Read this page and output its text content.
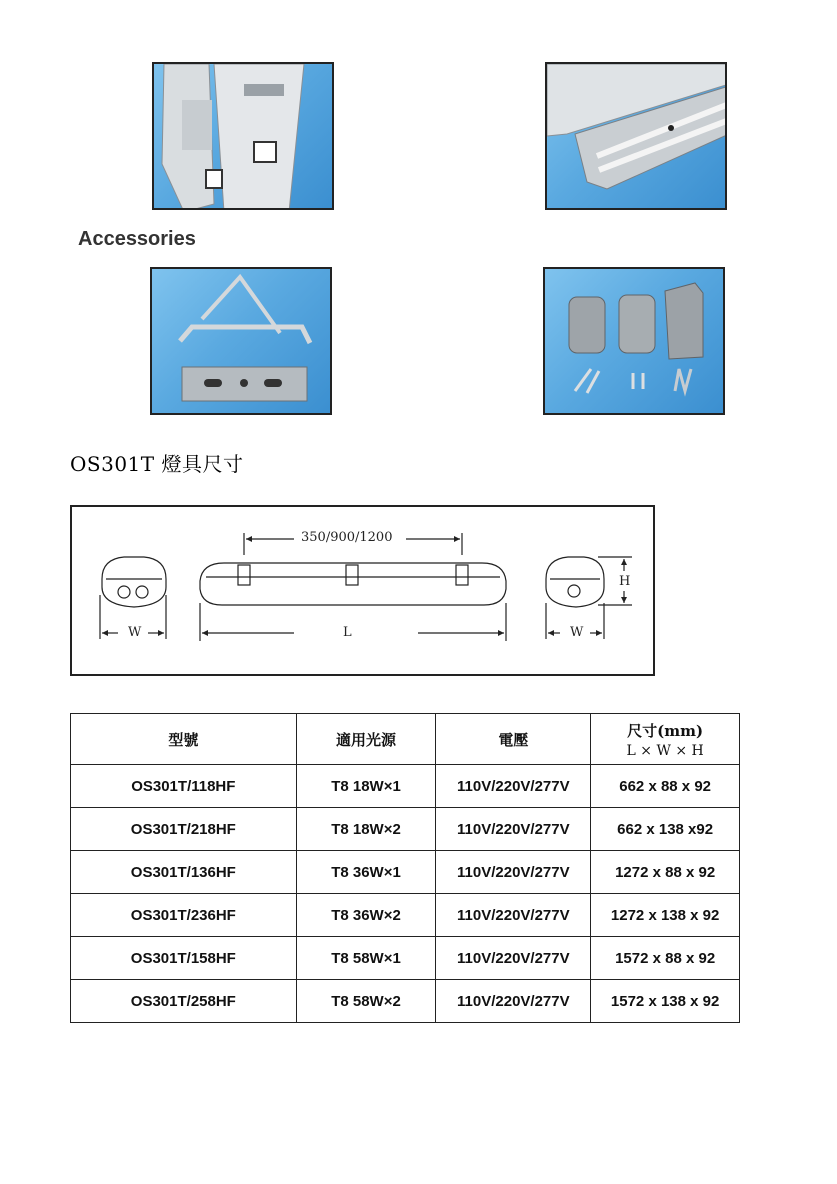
Accessories
OS301T 燈具尺寸
350/900/1200
W	L
H
W
型號	適用光源	電壓	尺寸(mm)
L × W × H

OS301T/118HF	T8 18W×1	110V/220V/277V	662 x 88 x 92
OS301T/218HF	T8 18W×2	110V/220V/277V	662 x 138 x92
OS301T/136HF	T8 36W×1	110V/220V/277V	1272 x 88 x 92
OS301T/236HF	T8 36W×2	110V/220V/277V	1272 x 138 x 92
OS301T/158HF	T8 58W×1	110V/220V/277V	1572 x 88 x 92
OS301T/258HF	T8 58W×2	110V/220V/277V	1572 x 138 x 92
